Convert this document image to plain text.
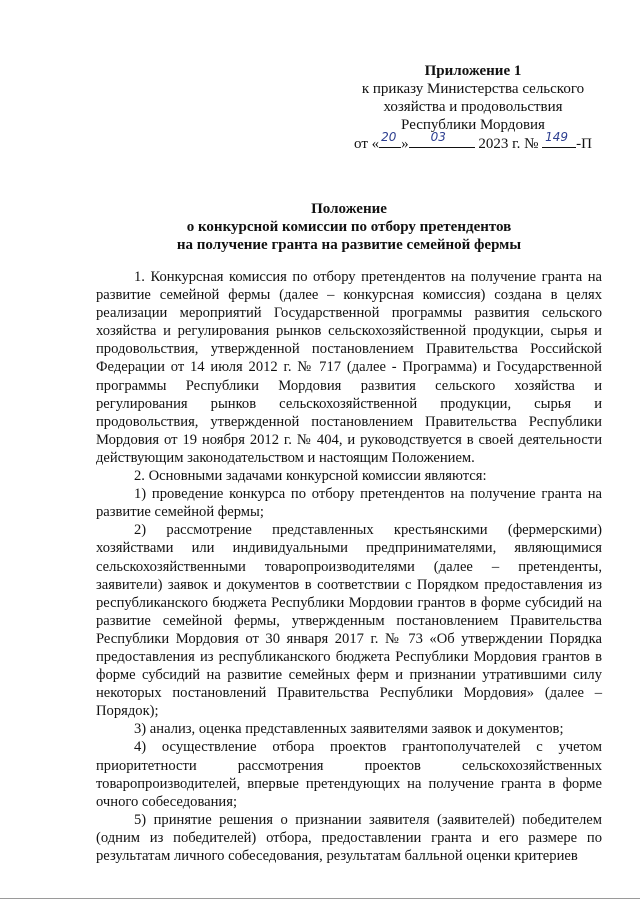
Приложение 1
к приказу Министерства сельского
хозяйства и продовольствия
Республики Мордовия
от « 20 » 03 2023 г. № 149 -П
Положение
о конкурсной комиссии по отбору претендентов
на получение гранта на развитие семейной фермы

1. Конкурсная комиссия по отбору претендентов на получение гранта на развитие семейной фермы (далее – конкурсная комиссия) создана в целях реализации мероприятий Государственной программы развития сельского хозяйства и регулирования рынков сельскохозяйственной продукции, сырья и продовольствия, утвержденной постановлением Правительства Российской Федерации от 14 июля 2012 г. № 717 (далее - Программа) и Государственной программы Республики Мордовия развития сельского хозяйства и регулирования рынков сельскохозяйственной продукции, сырья и продовольствия, утвержденной постановлением Правительства Республики Мордовия от 19 ноября 2012 г. № 404, и руководствуется в своей деятельности действующим законодательством и настоящим Положением.

2. Основными задачами конкурсной комиссии являются:

1) проведение конкурса по отбору претендентов на получение гранта на развитие семейной фермы;

2) рассмотрение представленных крестьянскими (фермерскими) хозяйствами или индивидуальными предпринимателями, являющимися сельскохозяйственными товаропроизводителями (далее – претенденты, заявители) заявок и документов в соответствии с Порядком предоставления из республиканского бюджета Республики Мордовии грантов в форме субсидий на развитие семейной фермы, утвержденным постановлением Правительства Республики Мордовия от 30 января 2017 г. № 73 «Об утверждении Порядка предоставления из республиканского бюджета Республики Мордовия грантов в форме субсидий на развитие семейных ферм и признании утратившими силу некоторых постановлений Правительства Республики Мордовия» (далее – Порядок);

3) анализ, оценка представленных заявителями заявок и документов;

4) осуществление отбора проектов грантополучателей с учетом приоритетности рассмотрения проектов сельскохозяйственных товаропроизводителей, впервые претендующих на получение гранта в форме очного собеседования;

5) принятие решения о признании заявителя (заявителей) победителем (одним из победителей) отбора, предоставлении гранта и его размере по результатам личного собеседования, результатам балльной оценки критериев
